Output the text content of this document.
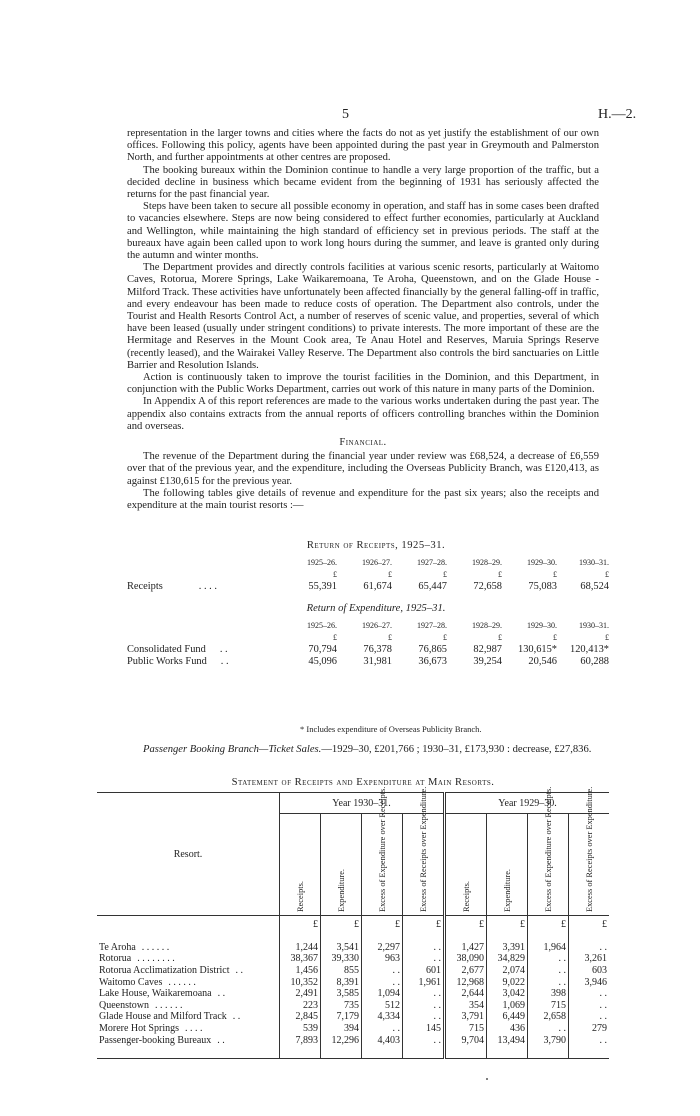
5	H.—2.

representation in the larger towns and cities where the facts do not as yet justify the establishment of our own offices. Following this policy, agents have been appointed during the past year in Greymouth and Palmerston North, and further appointments at other centres are proposed.

The booking bureaux within the Dominion continue to handle a very large proportion of the traffic, but a decided decline in business which became evident from the beginning of 1931 has seriously affected the returns for the past financial year.

Steps have been taken to secure all possible economy in operation, and staff has in some cases been drafted to vacancies elsewhere. Steps are now being considered to effect further economies, particularly at Auckland and Wellington, while maintaining the high standard of efficiency set in previous periods. The staff at the bureaux have again been called upon to work long hours during the summer, and leave is granted only during the autumn and winter months.

The Department provides and directly controls facilities at various scenic resorts, particularly at Waitomo Caves, Rotorua, Morere Springs, Lake Waikaremoana, Te Aroha, Queenstown, and on the Glade House - Milford Track. These activities have unfortunately been affected financially by the general falling-off in traffic, and every endeavour has been made to reduce costs of operation. The Department also controls, under the Tourist and Health Resorts Control Act, a number of reserves of scenic value, and properties, several of which have been leased (usually under stringent conditions) to private interests. The more important of these are the Hermitage and Reserves in the Mount Cook area, Te Anau Hotel and Reserves, Maruia Springs Reserve (recently leased), and the Wairakei Valley Reserve. The Department also controls the bird sanctuaries on Little Barrier and Resolution Islands.

Action is continuously taken to improve the tourist facilities in the Dominion, and this Department, in conjunction with the Public Works Department, carries out work of this nature in many parts of the Dominion.

In Appendix A of this report references are made to the various works undertaken during the past year. The appendix also contains extracts from the annual reports of officers controlling branches within the Dominion and overseas.

Financial.

The revenue of the Department during the financial year under review was £68,524, a decrease of £6,559 over that of the previous year, and the expenditure, including the Overseas Publicity Branch, was £120,413, as against £130,615 for the previous year.

The following tables give details of revenue and expenditure for the past six years; also the receipts and expenditure at the main tourist resorts :—

Return of Receipts, 1925–31.
	1925–26.	1926–27.	1927–28.	1928–29.	1929–30.	1930–31.
	£	£	£	£	£	£
Receipts . . . .	55,391	61,674	65,447	72,658	75,083	68,524
Return of Expenditure, 1925–31.
	1925–26.	1926–27.	1927–28.	1928–29.	1929–30.	1930–31.
	£	£	£	£	£	£
Consolidated Fund . .	70,794	76,378	76,865	82,987	130,615*	120,413*
Public Works Fund . .	45,096	31,981	36,673	39,254	20,546	60,288
* Includes expenditure of Overseas Publicity Branch.
Passenger Booking Branch—Ticket Sales.—1929–30, £201,766 ; 1930–31, £173,930 : decrease, £27,836.
Statement of Receipts and Expenditure at Main Resorts.
Resort.	Year 1930–31.				Year 1929–30.			
	Receipts.	Expenditure.	Excess of Expenditure over Receipts.	Excess of Receipts over Expenditure.	Receipts.	Expenditure.	Excess of Expenditure over Receipts.	Excess of Receipts over Expenditure.
	£	£	£	£	£	£	£	£

Te Aroha . . . . . .	1,244	3,541	2,297	. .	1,427	3,391	1,964	. .
Rotorua . . . . . . . .	38,367	39,330	963	. .	38,090	34,829	. .	3,261
Rotorua Acclimatization District . .	1,456	855	. .	601	2,677	2,074	. .	603
Waitomo Caves . . . . . .	10,352	8,391	. .	1,961	12,968	9,022	. .	3,946
Lake House, Waikaremoana . .	2,491	3,585	1,094	. .	2,644	3,042	398	. .
Queenstown . . . . . .	223	735	512	. .	354	1,069	715	. .
Glade House and Milford Track . .	2,845	7,179	4,334	. .	3,791	6,449	2,658	. .
Morere Hot Springs . . . .	539	394	. .	145	715	436	. .	279
Passenger-booking Bureaux . .	7,893	12,296	4,403	. .	9,704	13,494	3,790	. .
